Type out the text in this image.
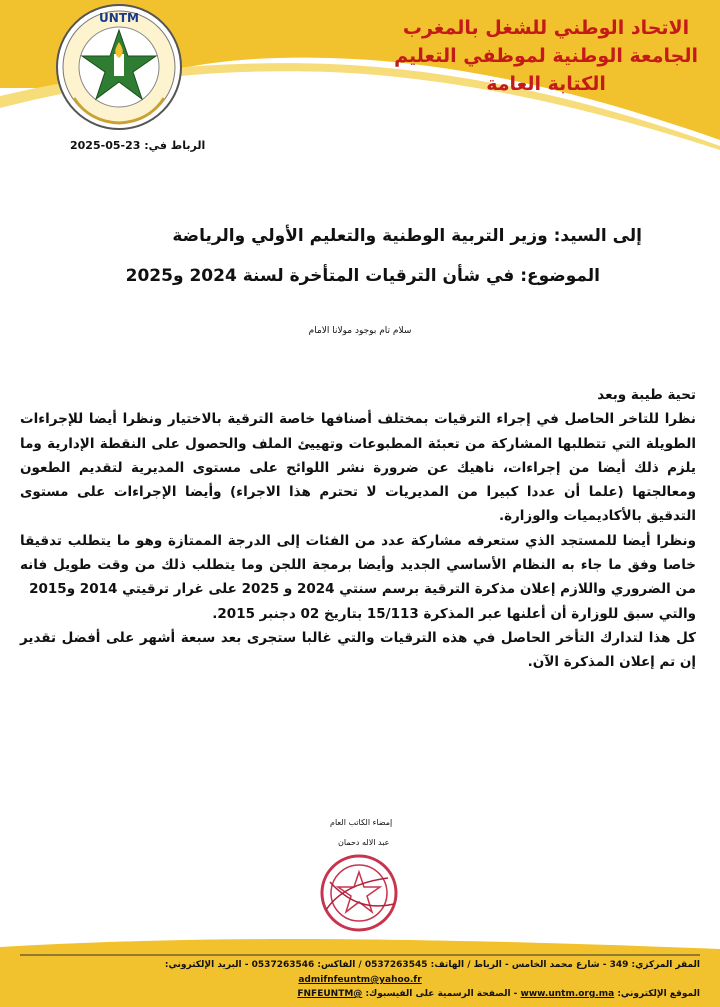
UNTM	الاتحاد الوطني للشغل بالمغرب
الجامعة الوطنية لموظفي التعليم
الكتابة العامة
الرباط في: 23-05-2025
إلى السيد: وزير التربية الوطنية والتعليم الأولي والرياضة
الموضوع: في شأن الترقيات المتأخرة لسنة 2024 و2025
سلام تام بوجود مولانا الامام

تحية طيبة وبعد

نظرا للتاخر الحاصل في إجراء الترقيات بمختلف أصنافها خاصة الترقية بالاختيار ونظرا أيضا للإجراءات الطويلة التي تتطلبها المشاركة من تعبئة المطبوعات وتهييئ الملف والحصول على النقطة الإدارية وما يلزم ذلك أيضا من إجراءات، ناهيك عن ضرورة نشر اللوائح على مستوى المديرية لتقديم الطعون ومعالجتها (علما أن عددا كبيرا من المديريات لا تحترم هذا الاجراء) وأيضا الإجراءات على مستوى التدقيق بالأكاديميات والوزارة.

ونظرا أيضا للمستجد الذي ستعرفه مشاركة عدد من الفئات إلى الدرجة الممتازة وهو ما يتطلب تدقيقا خاصا وفق ما جاء به النظام الأساسي الجديد وأيضا برمجة اللجن وما يتطلب ذلك من وقت طويل فانه من الضروري واللازم إعلان مذكرة الترقية برسم سنتي 2024 و 2025 على غرار ترقيتي 2014 و2015

والتي سبق للوزارة أن أعلنها عبر المذكرة 15/113 بتاريخ 02 دجنبر 2015.

كل هذا لتدارك التأخر الحاصل في هذه الترقيات والتي غالبا ستجرى بعد سبعة أشهر على أفضل تقدير إن تم إعلان المذكرة الآن.

إمضاء الكاتب العام
عبد الاله دحمان
المقر المركزي: 349 - شارع محمد الخامس - الرباط / الهاتف: 0537263545 / الفاكس: 0537263546 - البريد الإلكتروني:
admifnfeuntm@yahoo.fr
الموقع الإلكتروني: www.untm.org.ma - الصفحة الرسمية على الفيسبوك: @FNFEUNTM
